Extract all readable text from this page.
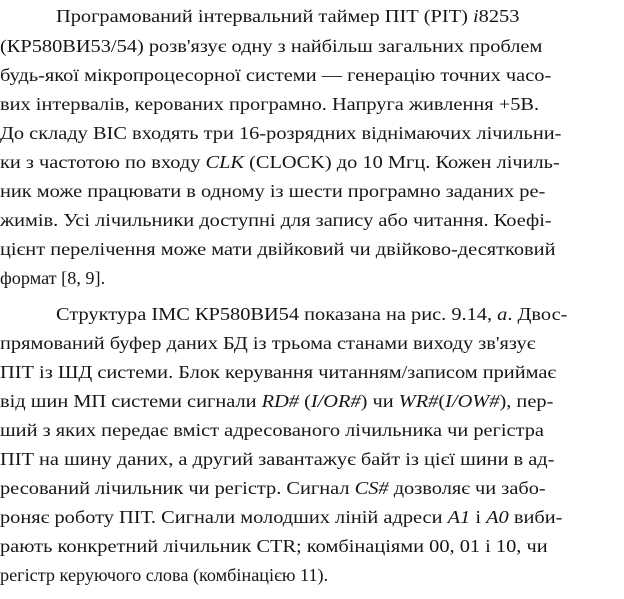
Програмований інтервальний таймер ПІТ (PIT) і8253
(КР580ВИ53/54) розв'язує одну з найбільш загальних проблем
будь-якої мікропроцесорної системи — генерацію точних часо-
вих інтервалів, керованих програмно. Напруга живлення +5В.
До складу ВІС входять три 16-розрядних віднімаючих лічильни-
ки з частотою по входу CLK (CLOCK) до 10 Мгц. Кожен лічиль-
ник може працювати в одному із шести програмно заданих ре-
жимів. Усі лічильники доступні для запису або читання. Коефі-
цієнт перелічення може мати двійковий чи двійково-десятковий
формат [8, 9].
Структура ІМС КР580ВИ54 показана на рис. 9.14, а. Двос-
прямований буфер даних БД із трьома станами виходу зв'язує
ПІТ із ШД системи. Блок керування читанням/записом приймає
від шин МП системи сигнали RD# (I/OR#) чи WR#(I/OW#), пер-
ший з яких передає вміст адресованого лічильника чи регістра
ПІТ на шину даних, а другий завантажує байт із цієї шини в ад-
ресований лічильник чи регістр. Сигнал CS# дозволяє чи забо-
роняє роботу ПІТ. Сигнали молодших ліній адреси A1 і A0 виби-
рають конкретний лічильник CTR; комбінаціями 00, 01 і 10, чи
регістр керуючого слова (комбінацією 11).
